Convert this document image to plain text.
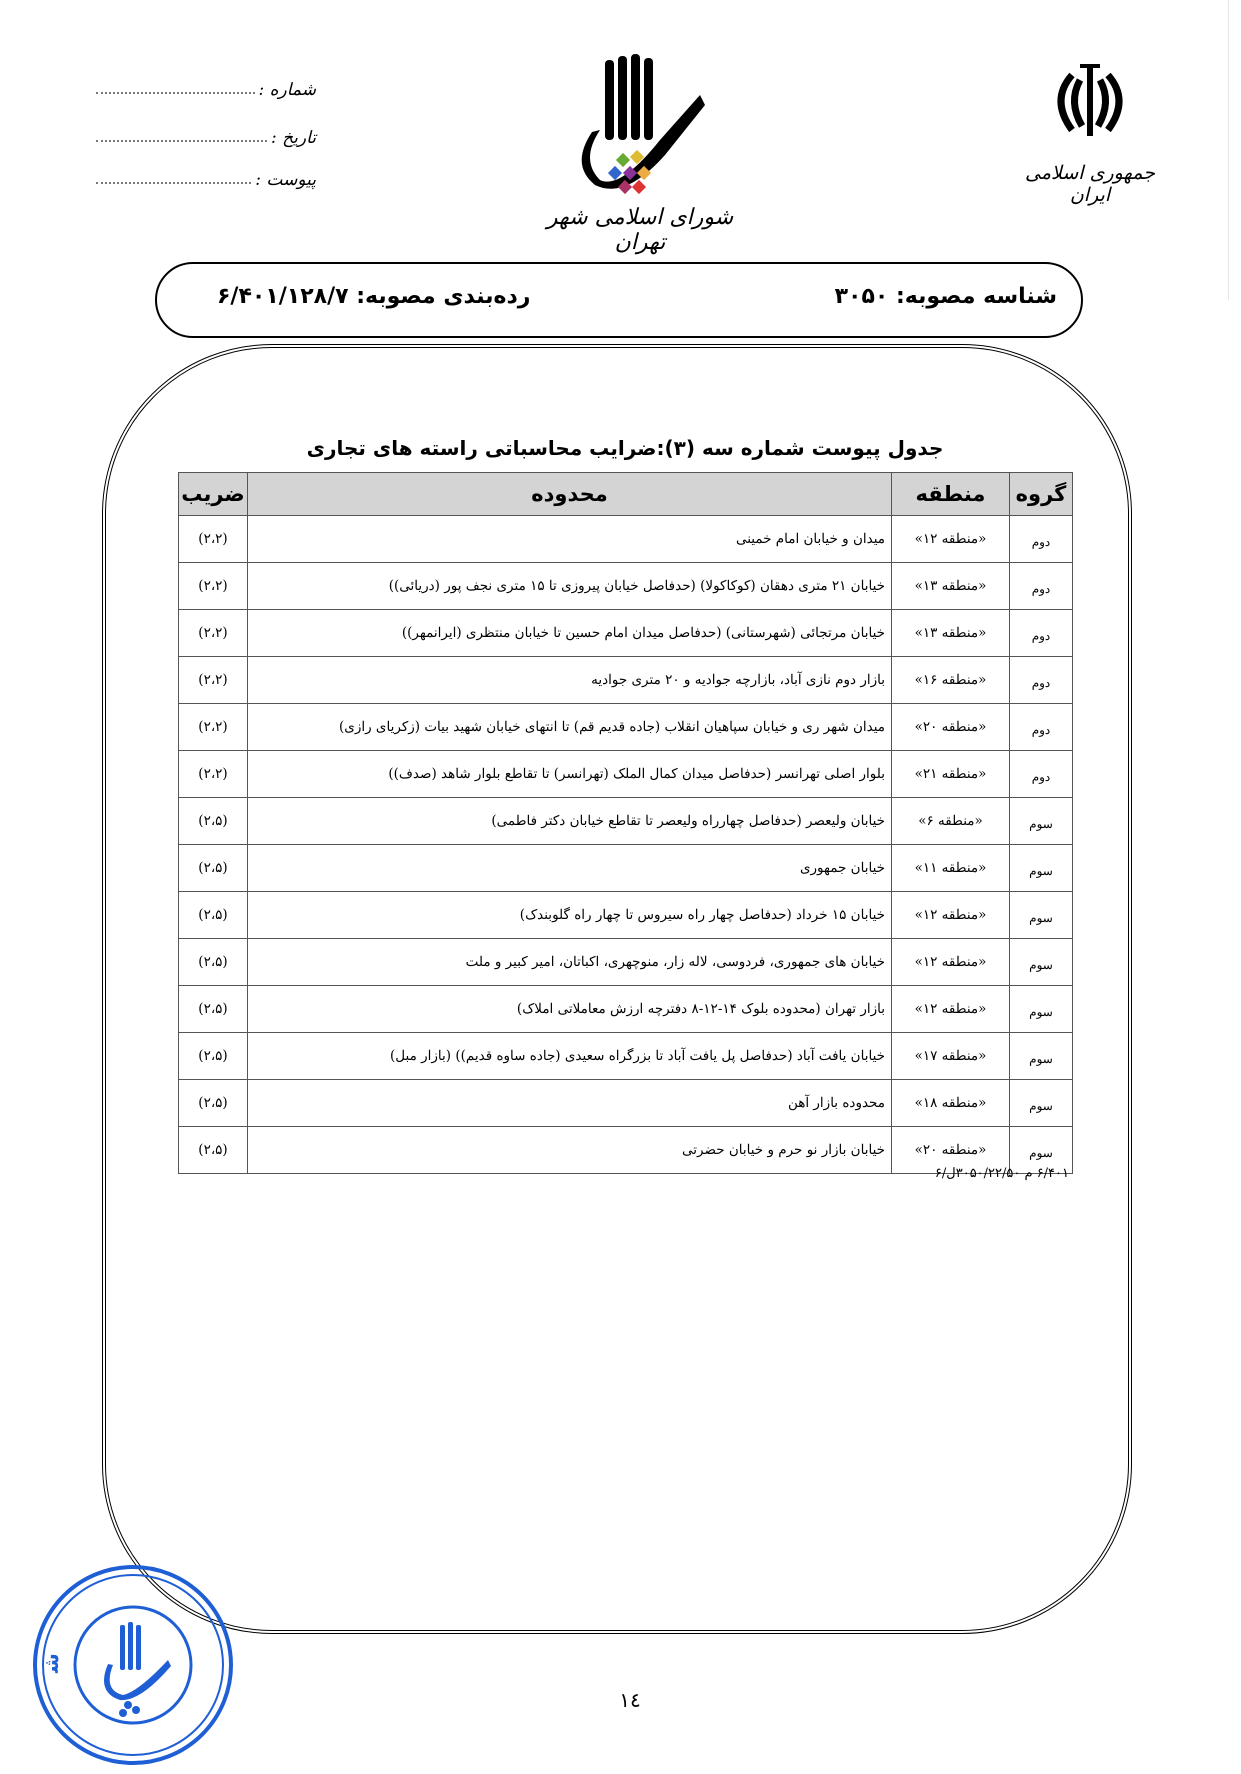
شماره :
تاریخ :
پیوست :
شورای اسلامی شهر تهران
جمهوری اسلامی ایران
شناسه مصوبه: ۳۰۵۰
رده‌بندی مصوبه: ۶/۴۰۱/۱۲۸/۷
جدول پیوست شماره سه (۳):ضرایب محاسباتی راسته های تجاری
گروه	منطقه	محدوده	ضریب
دوم	«منطقه ۱۲»	میدان و خیابان امام خمینی	(۲،۲)
دوم	«منطقه ۱۳»	خیابان ۲۱ متری دهقان (کوکاکولا) (حدفاصل خیابان پیروزی تا ۱۵ متری نجف پور (دریائی))	(۲،۲)
دوم	«منطقه ۱۳»	خیابان مرتجائی (شهرستانی) (حدفاصل میدان امام حسین تا خیابان منتظری (ایرانمهر))	(۲،۲)
دوم	«منطقه ۱۶»	بازار دوم نازی آباد، بازارچه جوادیه و ۲۰ متری جوادیه	(۲،۲)
دوم	«منطقه ۲۰»	میدان شهر ری و خیابان سپاهیان انقلاب (جاده قدیم قم) تا انتهای خیابان شهید بیات (زکریای رازی)	(۲،۲)
دوم	«منطقه ۲۱»	بلوار اصلی تهرانسر (حدفاصل میدان کمال الملک (تهرانسر) تا تقاطع بلوار شاهد (صدف))	(۲،۲)
سوم	«منطقه ۶»	خیابان ولیعصر (حدفاصل چهارراه ولیعصر تا تقاطع خیابان دکتر فاطمی)	(۲،۵)
سوم	«منطقه ۱۱»	خیابان جمهوری	(۲،۵)
سوم	«منطقه ۱۲»	خیابان ۱۵ خرداد (حدفاصل چهار راه سیروس تا چهار راه گلوبندک)	(۲،۵)
سوم	«منطقه ۱۲»	خیابان های جمهوری، فردوسی، لاله زار، منوچهری، اکباتان، امیر کبیر و ملت	(۲،۵)
سوم	«منطقه ۱۲»	بازار تهران (محدوده بلوک ۱۴-۱۲-۸ دفترچه ارزش معاملاتی املاک)	(۲،۵)
سوم	«منطقه ۱۷»	خیابان یافت آباد (حدفاصل پل یافت آباد تا بزرگراه سعیدی (جاده ساوه قدیم)) (بازار مبل)	(۲،۵)
سوم	«منطقه ۱۸»	محدوده بازار آهن	(۲،۵)
سوم	«منطقه ۲۰»	خیابان بازار نو حرم و خیابان حضرتی	(۲،۵)
۶/۴۰۱ م ۳۰۵۰/۲۲/۵۰ل/۶
ش
١٤
